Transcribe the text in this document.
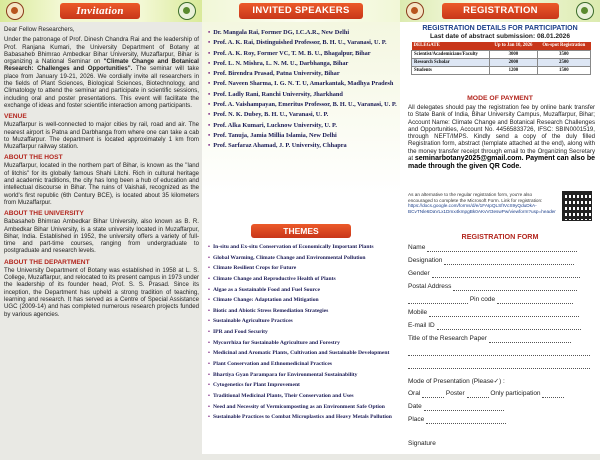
Invitation	INVITED SPEAKERS	REGISTRATION
Dear Fellow Researchers,
Under the patronage of Prof. Dinesh Chandra Rai and the leadership of Prof. Ranjana Kumari, the University Department of Botany at Babasaheb Bhimrao Ambedkar Bihar University, Muzaffarpur, Bihar is organizing a National Seminar on "Climate Change and Botanical Research: Challenges and Opportunities". The seminar will take place from January 19-21, 2026. We cordially invite all researchers in the fields of Plant Sciences, Biological Sciences, Biotechnology, and Climatology to attend the seminar and participate in scientific sessions, including oral and poster presentations. This event will facilitate the exchange of ideas and foster scientific interaction among participants.
VENUE
Muzaffarpur is well-connected to major cities by rail, road and air. The nearest airport is Patna and Darbhanga from where one can take a cab to Muzaffarpur. The department is located approximately 1 km from Muzaffarpur railway station.
ABOUT THE HOST
Muzaffarpur, located in the northern part of Bihar, is known as the "land of litchis" for its globally famous Shahi Litchi. Rich in cultural heritage and academic traditions, the city has long been a hub of education and intellectual discourse in Bihar. The ruins of Vaishali, recognized as the world's first republic (6th Century BCE), is located about 35 kilometers from Muzaffarpur.
ABOUT THE UNIVERSITY
Babasaheb Bhimrao Ambedkar Bihar University, also known as B. R. Ambedkar Bihar University, is a state university located in Muzaffarpur, Bihar, India. Established in 1952, the university offers a variety of full-time and part-time courses, ranging from undergraduate to postgraduate and research levels.
ABOUT THE DEPARTMENT
The University Department of Botany was established in 1958 at L. S. College, Muzaffarpur, and relocated to its present campus in 1973 under the leadership of its founder head, Prof. S. S. Prasad. Since its inception, the Department has upheld a strong tradition of teaching, learning and research. It has served as a Centre of Special Assistance UGC (2009-14) and has completed numerous research projects funded by various agencies.
• Dr. Mangala Rai, Former DG, I.C.A.R., New Delhi
• Prof. A. K. Rai, Distinguished Professor, B. H. U., Varanasi, U. P.
• Prof. A. K. Roy, Former VC, T. M. B. U., Bhagalpur, Bihar
• Prof. L. N. Mishra, L. N. M. U., Darbhanga, Bihar
• Prof. Birendra Prasad, Patna University, Bihar
• Prof. Naveen Sharma, I. G. N. T. U, Amarkantak, Madhya Pradesh
• Prof. Ladly Rani, Ranchi University, Jharkhand
• Prof. A. Vaishampayan, Emeritus Professor, B. H. U., Varanasi, U. P.
• Prof. N. K. Dubey, B. H. U., Varanasi, U. P.
• Prof. Alka Kumari, Lucknow University, U. P.
• Prof. Tanuja, Jamia Millia Islamia, New Delhi
• Prof. Sarfaraz Ahamad, J. P. University, Chhapra
THEMES
• In-situ and Ex-situ Conservation of Economically Important Plants
• Global Warming, Climate Change and Environmental Pollution
• Climate Resilient Crops for Future
• Climate Change and Reproductive Health of Plants
• Algae as a Sustainable Food and Fuel Source
• Climate Change: Adaptation and Mitigation
• Biotic and Abiotic Stress Remediation Strategies
• Sustainable Agriculture Practices
• IPR and Food Security
• Mycorrhiza for Sustainable Agriculture and Forestry
• Medicinal and Aromatic Plants, Cultivation and Sustainable Development
• Plant Conservation and Ethnomedicinal Practices
• Bhartiya Gyan Parampara for Environmental Sustainability
• Cytogenetics for Plant Improvement
• Traditional Medicinal Plants, Their Conservation and Uses
• Need and Necessity of Vermicomposting as an Environment Safe Option
• Sustainable Practices to Combat Microplastics and Heavy Metals Pollution
REGISTRATION DETAILS FOR PARTICIPATION
Last date of abstract submission: 08.01.2026
DELEGATE	Up to Jan 10, 2026	On-spot Registration
Scientist/Academicians/Faculty	3000	3500
Research Scholar	2000	2500
Students	1200	1500
MODE OF PAYMENT
All delegates should pay the registration fee by online bank transfer to State Bank of India, Bihar University Campus, Muzaffarpur, Bihar; Account Name: Climate Change and Botanical Research Challenges and Opportunities, Account No. 44565833726, IFSC: SBIN0001519, through NEFT/IMPS. Kindly send a copy of the duly filled Registration form, abstract (template attached at the end), along with the money transfer receipt through email to the Organizing Secretary at seminarbotany2025@gmail.com. Payment can also be made through the given QR Code.
As an alternative to the regular registration form, you're also encouraged to complete the Microsoft Form. Link for registration: https://docs.google.com/forms/d/e/1FAIpQLSfIVcS9yQduDkA-BCvTNle6DaVLx1Dmx4kmpgBk0AKvVt3eswPw/viewform?usp=header
REGISTRATION FORM
Name
Designation
Gender
Postal Address
Pin code
Mobile
E-mail ID
Title of the Research Paper
Mode of Presentation (Please✓) :
Oral	Poster	Only participation
Date
Place
Signature
